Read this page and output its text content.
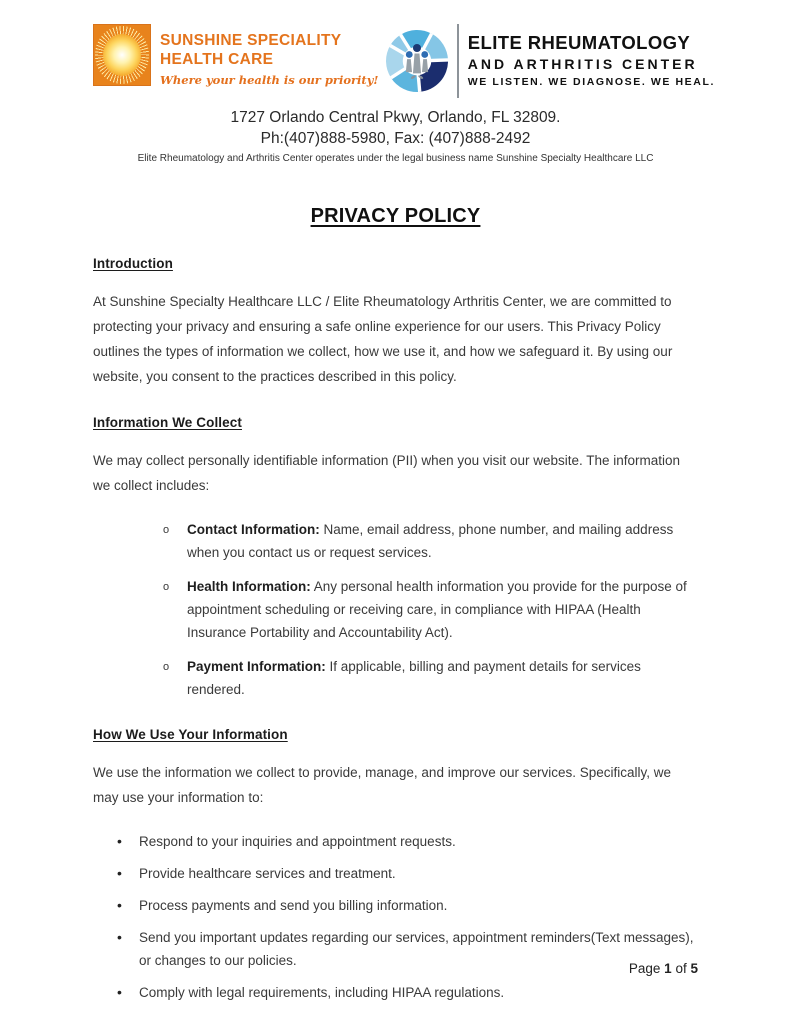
SUNSHINE SPECIALITY
HEALTH CARE
Where your health is our priority!
ELITE RHEUMATOLOGY
AND ARTHRITIS CENTER
WE LISTEN. WE DIAGNOSE. WE HEAL.
1727 Orlando Central Pkwy, Orlando, FL 32809.
Ph:(407)888-5980, Fax: (407)888-2492
Elite Rheumatology and Arthritis Center operates under the legal business name Sunshine Specialty Healthcare LLC
PRIVACY POLICY
Introduction

At Sunshine Specialty Healthcare LLC / Elite Rheumatology Arthritis Center, we are committed to protecting your privacy and ensuring a safe online experience for our users. This Privacy Policy outlines the types of information we collect, how we use it, and how we safeguard it. By using our website, you consent to the practices described in this policy.

Information We Collect

We may collect personally identifiable information (PII) when you visit our website. The information we collect includes:

o Contact Information: Name, email address, phone number, and mailing address when you contact us or request services.
o Health Information: Any personal health information you provide for the purpose of appointment scheduling or receiving care, in compliance with HIPAA (Health Insurance Portability and Accountability Act).
o Payment Information: If applicable, billing and payment details for services rendered.
How We Use Your Information

We use the information we collect to provide, manage, and improve our services. Specifically, we may use your information to:

• Respond to your inquiries and appointment requests.
• Provide healthcare services and treatment.
• Process payments and send you billing information.
• Send you important updates regarding our services, appointment reminders(Text messages), or changes to our policies.
• Comply with legal requirements, including HIPAA regulations.
Page 1 of 5
